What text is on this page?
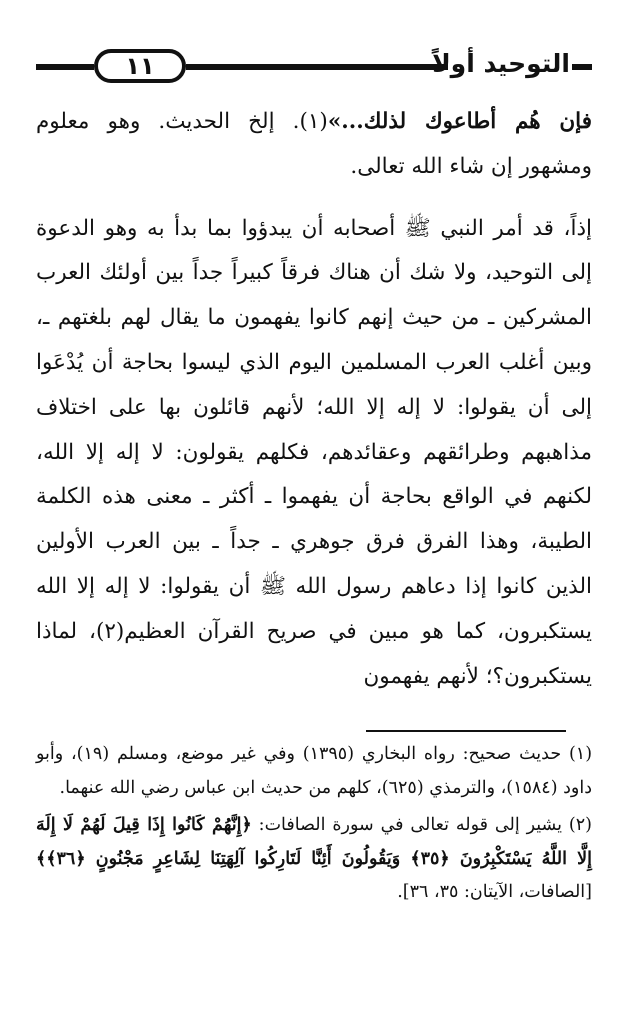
١١	التوحيد أولاً

فإن هُم أطاعوك لذلك...»(١). إلخ الحديث. وهو معلوم ومشهور إن شاء الله تعالى.

إذاً، قد أمر النبي ﷺ أصحابه أن يبدؤوا بما بدأ به وهو الدعوة إلى التوحيد، ولا شك أن هناك فرقاً كبيراً جداً بين أولئك العرب المشركين ـ من حيث إنهم كانوا يفهمون ما يقال لهم بلغتهم ـ، وبين أغلب العرب المسلمين اليوم الذي ليسوا بحاجة أن يُدْعَوا إلى أن يقولوا: لا إله إلا الله؛ لأنهم قائلون بها على اختلاف مذاهبهم وطرائقهم وعقائدهم، فكلهم يقولون: لا إله إلا الله، لكنهم في الواقع بحاجة أن يفهموا ـ أكثر ـ معنى هذه الكلمة الطيبة، وهذا الفرق فرق جوهري ـ جداً ـ بين العرب الأولين الذين كانوا إذا دعاهم رسول الله ﷺ أن يقولوا: لا إله إلا الله يستكبرون، كما هو مبين في صريح القرآن العظيم(٢)، لماذا يستكبرون؟؛ لأنهم يفهمون

(١) حديث صحيح: رواه البخاري (١٣٩٥) وفي غير موضع، ومسلم (١٩)، وأبو داود (١٥٨٤)، والترمذي (٦٢٥)، كلهم من حديث ابن عباس رضي الله عنهما.

(٢) يشير إلى قوله تعالى في سورة الصافات: ﴿إِنَّهُمْ كَانُوا إِذَا قِيلَ لَهُمْ لَا إِلَهَ إِلَّا اللَّهُ يَسْتَكْبِرُونَ ﴿٣٥﴾ وَيَقُولُونَ أَئِنَّا لَتَارِكُوا آلِهَتِنَا لِشَاعِرٍ مَجْنُونٍ ﴿٣٦﴾﴾ [الصافات، الآيتان: ٣٥، ٣٦].
